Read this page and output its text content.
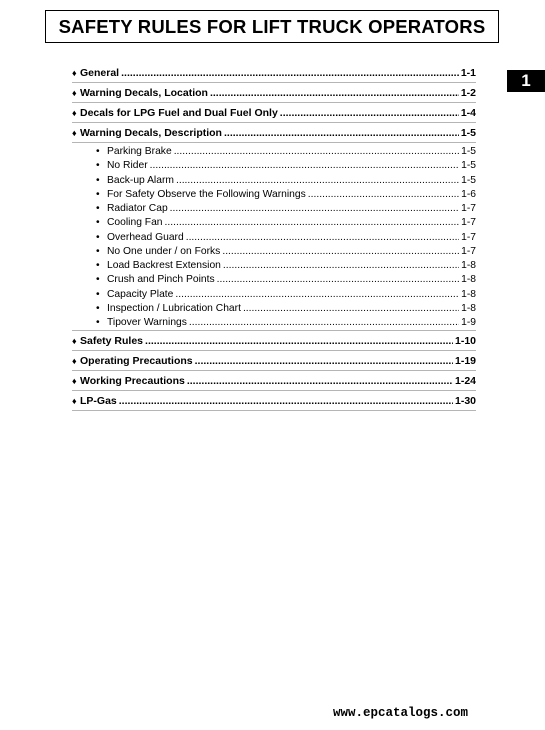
SAFETY RULES FOR LIFT TRUCK OPERATORS
1
♦ General .....	1-1
♦ Warning Decals, Location .....	1-2
♦ Decals for LPG Fuel and Dual Fuel Only .....	1-4
♦ Warning Decals, Description .....	1-5
• Parking Brake .....	1-5
• No Rider .....	1-5
• Back-up Alarm .....	1-5
• For Safety Observe the Following Warnings .....	1-6
• Radiator Cap .....	1-7
• Cooling Fan .....	1-7
• Overhead Guard .....	1-7
• No One under / on Forks .....	1-7
• Load Backrest Extension .....	1-8
• Crush and Pinch Points .....	1-8
• Capacity Plate .....	1-8
• Inspection / Lubrication Chart .....	1-8
• Tipover Warnings .....	1-9
♦ Safety Rules .....	1-10
♦ Operating Precautions .....	1-19
♦ Working Precautions .....	1-24
♦ LP-Gas .....	1-30
www.epcatalogs.com
